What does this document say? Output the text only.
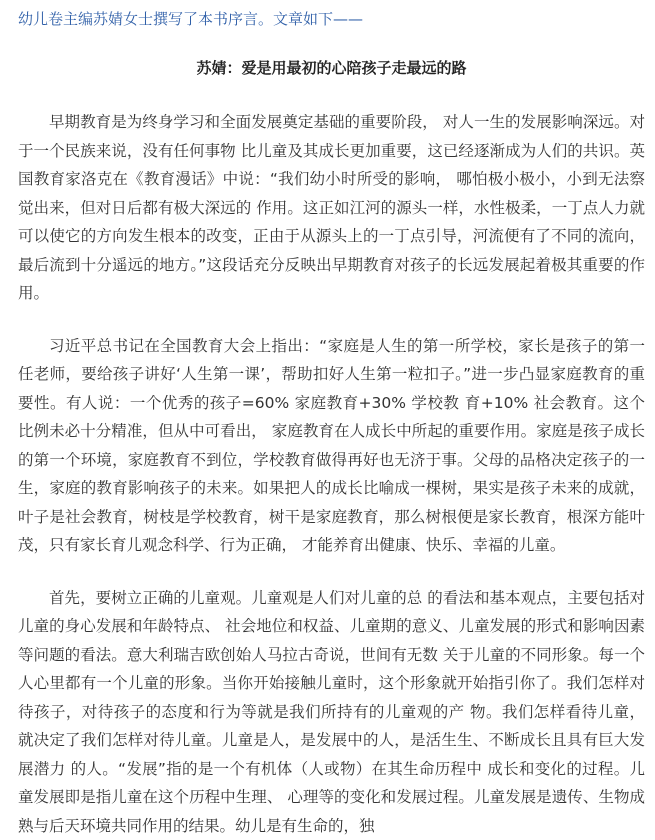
幼儿卷主编苏婧女士撰写了本书序言。文章如下——

苏婧：爱是用最初的心陪孩子走最远的路

早期教育是为终身学习和全面发展奠定基础的重要阶段， 对人一生的发展影响深远。对于一个民族来说，没有任何事物 比儿童及其成长更加重要，这已经逐渐成为人们的共识。英国教育家洛克在《教育漫话》中说：“我们幼小时所受的影响， 哪怕极小极小，小到无法察觉出来，但对日后都有极大深远的 作用。这正如江河的源头一样，水性极柔，一丁点人力就可以使它的方向发生根本的改变，正由于从源头上的一丁点引导，河流便有了不同的流向，最后流到十分遥远的地方。”这段话充分反映出早期教育对孩子的长远发展起着极其重要的作用。

习近平总书记在全国教育大会上指出：“家庭是人生的第一所学校，家长是孩子的第一任老师，要给孩子讲好‘人生第一课’，帮助扣好人生第一粒扣子。”进一步凸显家庭教育的重要性。有人说：一个优秀的孩子=60% 家庭教育+30% 学校教 育+10% 社会教育。这个比例未必十分精准，但从中可看出， 家庭教育在人成长中所起的重要作用。家庭是孩子成长的第一个环境，家庭教育不到位，学校教育做得再好也无济于事。父母的品格决定孩子的一生，家庭的教育影响孩子的未来。如果把人的成长比喻成一棵树，果实是孩子未来的成就，叶子是社会教育，树枝是学校教育，树干是家庭教育，那么树根便是家长教育，根深方能叶茂，只有家长育儿观念科学、行为正确， 才能养育出健康、快乐、幸福的儿童。

首先，要树立正确的儿童观。儿童观是人们对儿童的总 的看法和基本观点，主要包括对儿童的身心发展和年龄特点、 社会地位和权益、儿童期的意义、儿童发展的形式和影响因素 等问题的看法。意大利瑞吉欧创始人马拉古奇说，世间有无数 关于儿童的不同形象。每一个人心里都有一个儿童的形象。当你开始接触儿童时，这个形象就开始指引你了。我们怎样对待孩子，对待孩子的态度和行为等就是我们所持有的儿童观的产 物。我们怎样看待儿童， 就决定了我们怎样对待儿童。儿童是人，是发展中的人，是活生生、不断成长且具有巨大发展潜力 的人。“发展”指的是一个有机体（人或物）在其生命历程中 成长和变化的过程。儿童发展即是指儿童在这个历程中生理、 心理等的变化和发展过程。儿童发展是遗传、生物成熟与后天环境共同作用的结果。幼儿是有生命的，独
